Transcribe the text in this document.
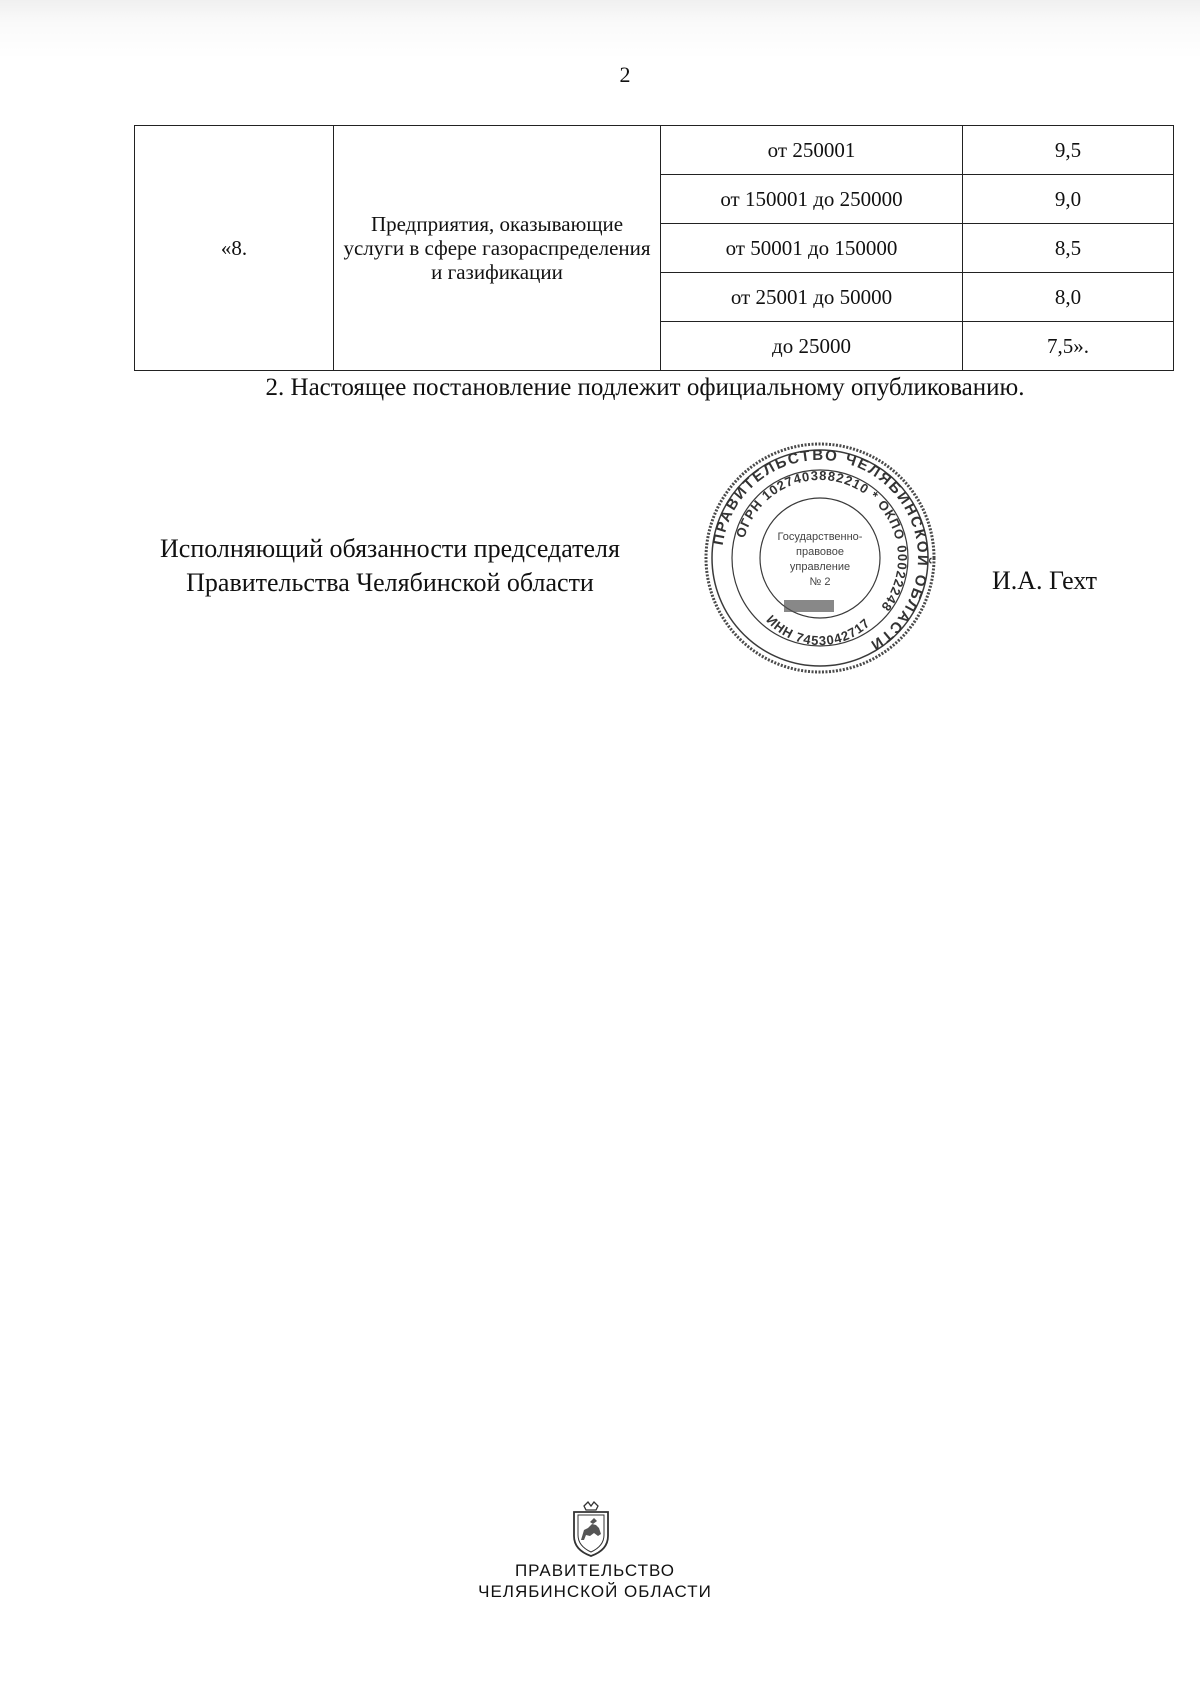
2
«8.	Предприятия, оказывающие услуги в сфере газораспределения и газификации	от 250001	9,5
		от 150001 до 250000	9,0
		от 50001 до 150000	8,5
		от 25001 до 50000	8,0
		до 25000	7,5».
2. Настоящее постановление подлежит официальному опубликованию.
Исполняющий обязанности председателя
Правительства Челябинской области	И.А. Гехт
ПРАВИТЕЛЬСТВО ЧЕЛЯБИНСКОЙ ОБЛАСТИ
ОГРН 1027403882210 * ОКПО 00022248
ИНН 7453042717
Государственно-
правовое
управление
№ 2
ПРАВИТЕЛЬСТВО
ЧЕЛЯБИНСКОЙ ОБЛАСТИ
